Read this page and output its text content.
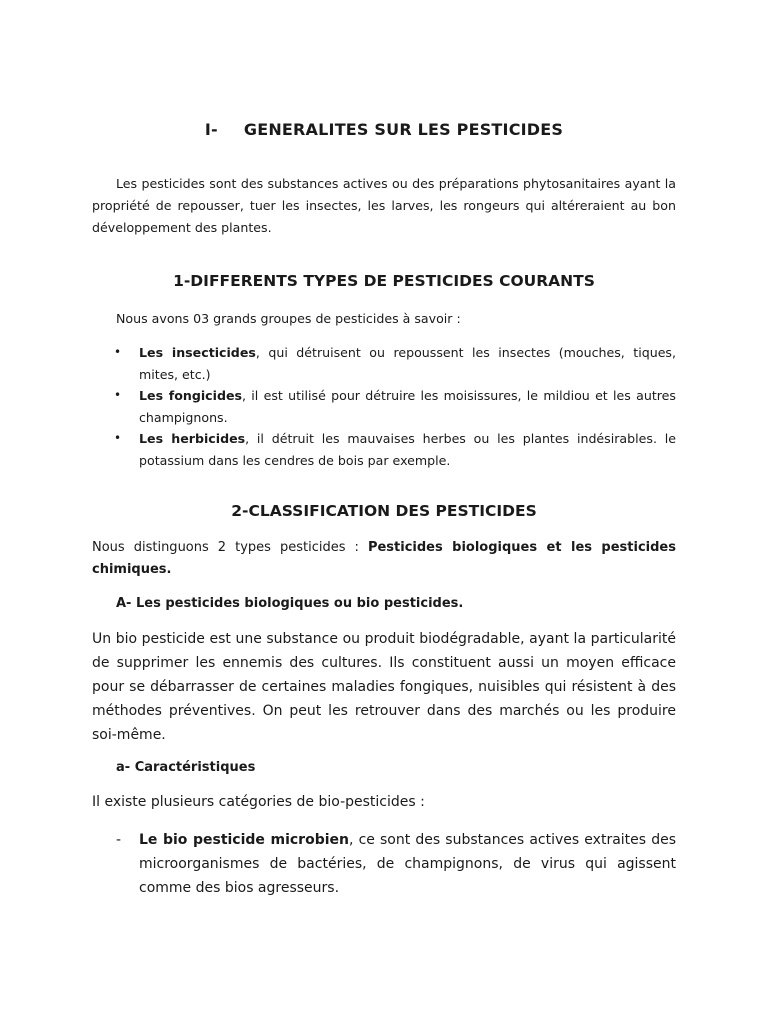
I- GENERALITES SUR LES PESTICIDES
Les pesticides sont des substances actives ou des préparations phytosanitaires ayant la propriété de repousser, tuer les insectes, les larves, les rongeurs qui altéreraient au bon développement des plantes.
1-DIFFERENTS TYPES DE PESTICIDES COURANTS
Nous avons 03 grands groupes de pesticides à savoir :
• Les insecticides, qui détruisent ou repoussent les insectes (mouches, tiques, mites, etc.)
• Les fongicides, il est utilisé pour détruire les moisissures, le mildiou et les autres champignons.
• Les herbicides, il détruit les mauvaises herbes ou les plantes indésirables. le potassium dans les cendres de bois par exemple.
2-CLASSIFICATION DES PESTICIDES
Nous distinguons 2 types pesticides : Pesticides biologiques et les pesticides chimiques.
A- Les pesticides biologiques ou bio pesticides.
Un bio pesticide est une substance ou produit biodégradable, ayant la particularité de supprimer les ennemis des cultures. Ils constituent aussi un moyen efficace pour se débarrasser de certaines maladies fongiques, nuisibles qui résistent à des méthodes préventives. On peut les retrouver dans des marchés ou les produire soi-même.
a- Caractéristiques
Il existe plusieurs catégories de bio-pesticides :
-	Le bio pesticide microbien, ce sont des substances actives extraites des microorganismes de bactéries, de champignons, de virus qui agissent comme des bios agresseurs.
